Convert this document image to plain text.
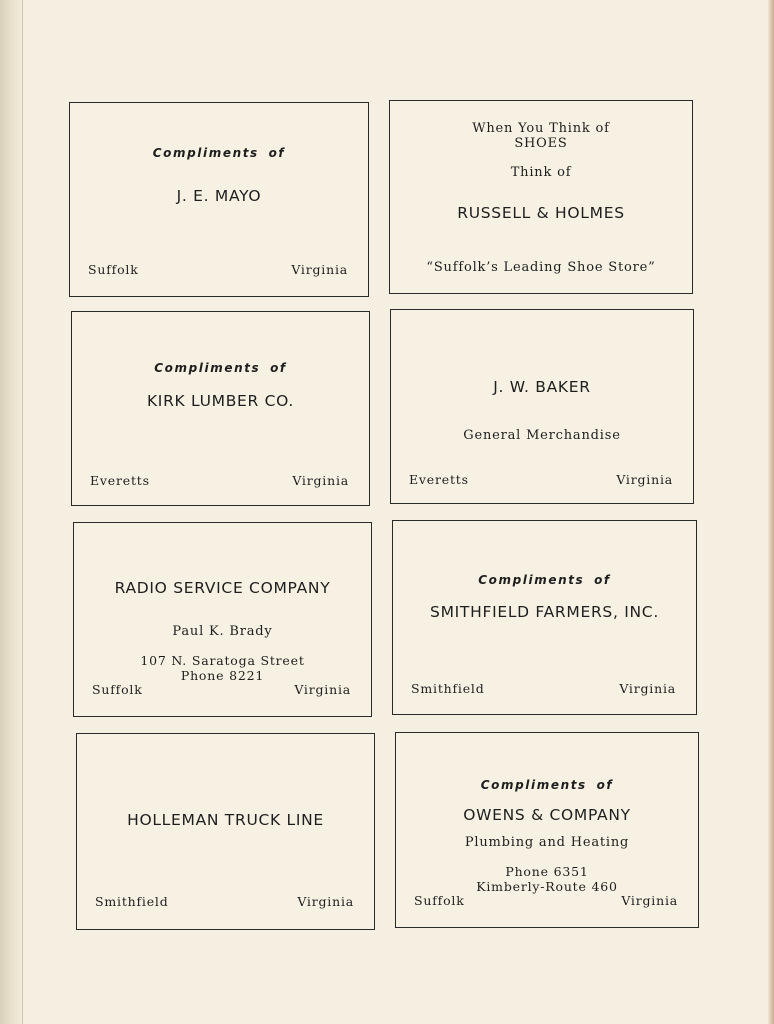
Compliments of
J. E. MAYO
Suffolk	Virginia
When You Think of
SHOES
Think of
RUSSELL & HOLMES
“Suffolk’s Leading Shoe Store”
Compliments of
KIRK LUMBER CO.
Everetts	Virginia
J. W. BAKER
General Merchandise
Everetts	Virginia
RADIO SERVICE COMPANY
Paul K. Brady
107 N. Saratoga Street
Phone 8221
Suffolk	Virginia
Compliments of
SMITHFIELD FARMERS, INC.
Smithfield	Virginia
HOLLEMAN TRUCK LINE
Smithfield	Virginia
Compliments of
OWENS & COMPANY
Plumbing and Heating
Phone 6351
Kimberly-Route 460
Suffolk	Virginia
